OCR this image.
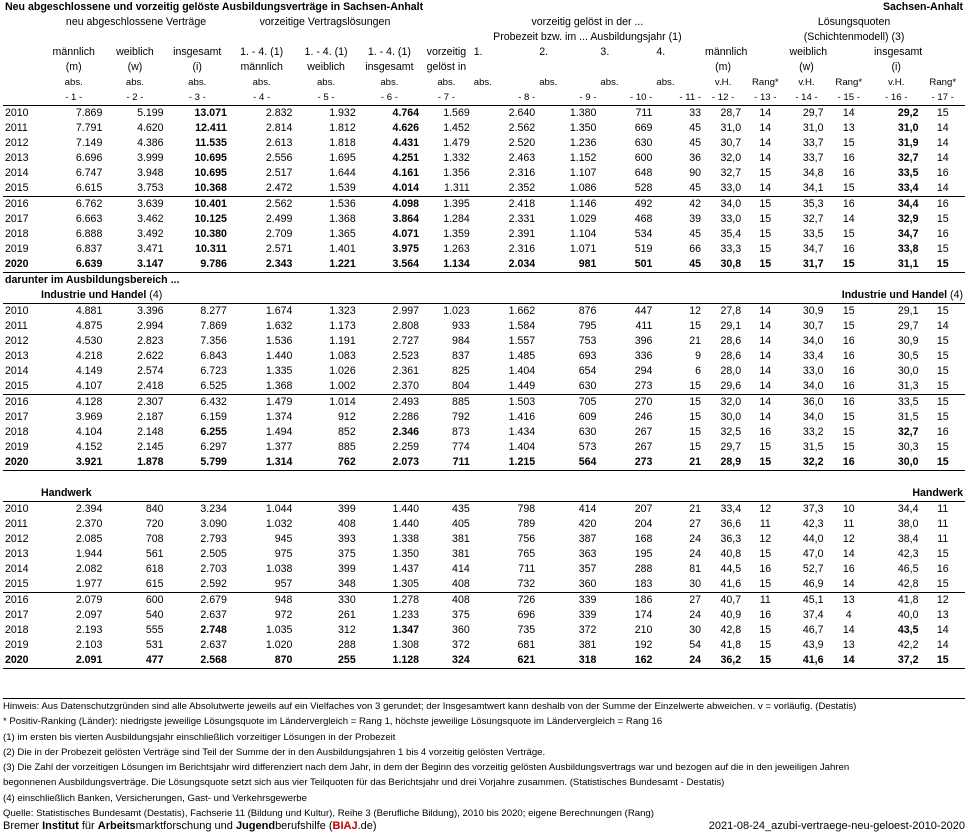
Neu abgeschlossene und vorzeitig gelöste Ausbildungsverträge in Sachsen-Anhalt															Sachsen-Anhalt		
	neu abgeschlossene Verträge			vorzeitige Vertragslösungen				vorzeitig gelöst in der ...					Lösungsquoten				
								Probezeit bzw. im ... Ausbildungsjahr (1)					(Schichtenmodell) (3)				
	männlich	weiblich	insgesamt	1. - 4. (1)	1. - 4. (1)	1. - 4. (1)	vorzeitig	1.	2.	3.	4.	männlich		weiblich		insgesamt	
	(m)	(w)	(i)	männlich	weiblich	insgesamt	gelöst in					(m)		(w)		(i)	
	abs.	abs.	abs.	abs.	abs.	abs.	abs.	abs.	abs.	abs.	abs.	v.H.	Rang*	v.H.	Rang*	v.H.	Rang*
	- 1 -	- 2 -	- 3 -	- 4 -	- 5 -	- 6 -	- 7 -	- 8 -	- 9 -	- 10 -	- 11 -	- 12 -	- 13 -	- 14 -	- 15 -	- 16 -	- 17 -
2010	7.869	5.199	13.071	2.832	1.932	4.764	1.569	2.640	1.380	711	33	28,7	14	29,7	14	29,2	15
2011	7.791	4.620	12.411	2.814	1.812	4.626	1.452	2.562	1.350	669	45	31,0	14	31,0	13	31,0	14
2012	7.149	4.386	11.535	2.613	1.818	4.431	1.479	2.520	1.236	630	45	30,7	14	33,7	15	31,9	14
2013	6.696	3.999	10.695	2.556	1.695	4.251	1.332	2.463	1.152	600	36	32,0	14	33,7	16	32,7	14
2014	6.747	3.948	10.695	2.517	1.644	4.161	1.356	2.316	1.107	648	90	32,7	15	34,8	16	33,5	16
2015	6.615	3.753	10.368	2.472	1.539	4.014	1.311	2.352	1.086	528	45	33,0	14	34,1	15	33,4	14
2016	6.762	3.639	10.401	2.562	1.536	4.098	1.395	2.418	1.146	492	42	34,0	15	35,3	16	34,4	16
2017	6.663	3.462	10.125	2.499	1.368	3.864	1.284	2.331	1.029	468	39	33,0	15	32,7	14	32,9	15
2018	6.888	3.492	10.380	2.709	1.365	4.071	1.359	2.391	1.104	534	45	35,4	15	33,5	15	34,7	16
2019	6.837	3.471	10.311	2.571	1.401	3.975	1.263	2.316	1.071	519	66	33,3	15	34,7	16	33,8	15
2020	6.639	3.147	9.786	2.343	1.221	3.564	1.134	2.034	981	501	45	30,8	15	31,7	15	31,1	15
darunter im Ausbildungsbereich ...																	
Industrie und Handel (4)												Industrie und Handel (4)					
2010	4.881	3.396	8.277	1.674	1.323	2.997	1.023	1.662	876	447	12	27,8	14	30,9	15	29,1	15
2011	4.875	2.994	7.869	1.632	1.173	2.808	933	1.584	795	411	15	29,1	14	30,7	15	29,7	14
2012	4.530	2.823	7.356	1.536	1.191	2.727	984	1.557	753	396	21	28,6	14	34,0	16	30,9	15
2013	4.218	2.622	6.843	1.440	1.083	2.523	837	1.485	693	336	9	28,6	14	33,4	16	30,5	15
2014	4.149	2.574	6.723	1.335	1.026	2.361	825	1.404	654	294	6	28,0	14	33,0	16	30,0	15
2015	4.107	2.418	6.525	1.368	1.002	2.370	804	1.449	630	273	15	29,6	14	34,0	16	31,3	15
2016	4.128	2.307	6.432	1.479	1.014	2.493	885	1.503	705	270	15	32,0	14	36,0	16	33,5	15
2017	3.969	2.187	6.159	1.374	912	2.286	792	1.416	609	246	15	30,0	14	34,0	15	31,5	15
2018	4.104	2.148	6.255	1.494	852	2.346	873	1.434	630	267	15	32,5	16	33,2	15	32,7	16
2019	4.152	2.145	6.297	1.377	885	2.259	774	1.404	573	267	15	29,7	15	31,5	15	30,3	15
2020	3.921	1.878	5.799	1.314	762	2.073	711	1.215	564	273	21	28,9	15	32,2	16	30,0	15

Handwerk												Handwerk					
2010	2.394	840	3.234	1.044	399	1.440	435	798	414	207	21	33,4	12	37,3	10	34,4	11
2011	2.370	720	3.090	1.032	408	1.440	405	789	420	204	27	36,6	11	42,3	11	38,0	11
2012	2.085	708	2.793	945	393	1.338	381	756	387	168	24	36,3	12	44,0	12	38,4	11
2013	1.944	561	2.505	975	375	1.350	381	765	363	195	24	40,8	15	47,0	14	42,3	15
2014	2.082	618	2.703	1.038	399	1.437	414	711	357	288	81	44,5	16	52,7	16	46,5	16
2015	1.977	615	2.592	957	348	1.305	408	732	360	183	30	41,6	15	46,9	14	42,8	15
2016	2.079	600	2.679	948	330	1.278	408	726	339	186	27	40,7	11	45,1	13	41,8	12
2017	2.097	540	2.637	972	261	1.233	375	696	339	174	24	40,9	16	37,4	4	40,0	13
2018	2.193	555	2.748	1.035	312	1.347	360	735	372	210	30	42,8	15	46,7	14	43,5	14
2019	2.103	531	2.637	1.020	288	1.308	372	681	381	192	54	41,8	15	43,9	13	42,2	14
2020	2.091	477	2.568	870	255	1.128	324	621	318	162	24	36,2	15	41,6	14	37,2	15
Hinweis: Aus Datenschutzgründen sind alle Absolutwerte jeweils auf ein Vielfaches von 3 gerundet; der Insgesamtwert kann deshalb von der Summe der Einzelwerte abweichen. v = vorläufig. (Destatis)
* Positiv-Ranking (Länder): niedrigste jeweilige Lösungsquote im Ländervergleich = Rang 1, höchste jeweilige Lösungsquote im Ländervergleich = Rang 16
(1) im ersten bis vierten Ausbildungsjahr einschließlich vorzeitiger Lösungen in der Probezeit
(2) Die in der Probezeit gelösten Verträge sind Teil der Summe der in den Ausbildungsjahren 1 bis 4 vorzeitig gelösten Verträge.
(3) Die Zahl der vorzeitigen Lösungen im Berichtsjahr wird differenziert nach dem Jahr, in dem der Beginn des vorzeitig gelösten Ausbildungsvertrags war und bezogen auf die in den jeweiligen Jahren
begonnenen Ausbildungsverträge. Die Lösungsquote setzt sich aus vier Teilquoten für das Berichtsjahr und drei Vorjahre zusammen. (Statistisches Bundesamt - Destatis)
(4) einschließlich Banken, Versicherungen, Gast- und Verkehrsgewerbe
Quelle: Statistisches Bundesamt (Destatis), Fachserie 11 (Bildung und Kultur), Reihe 3 (Berufliche Bildung), 2010 bis 2020; eigene Berechnungen (Rang)
Bremer Institut für Arbeitsmarktforschung und Jugendberufshilfe (BIAJ.de)	2021-08-24_azubi-vertraege-neu-geloest-2010-2020
